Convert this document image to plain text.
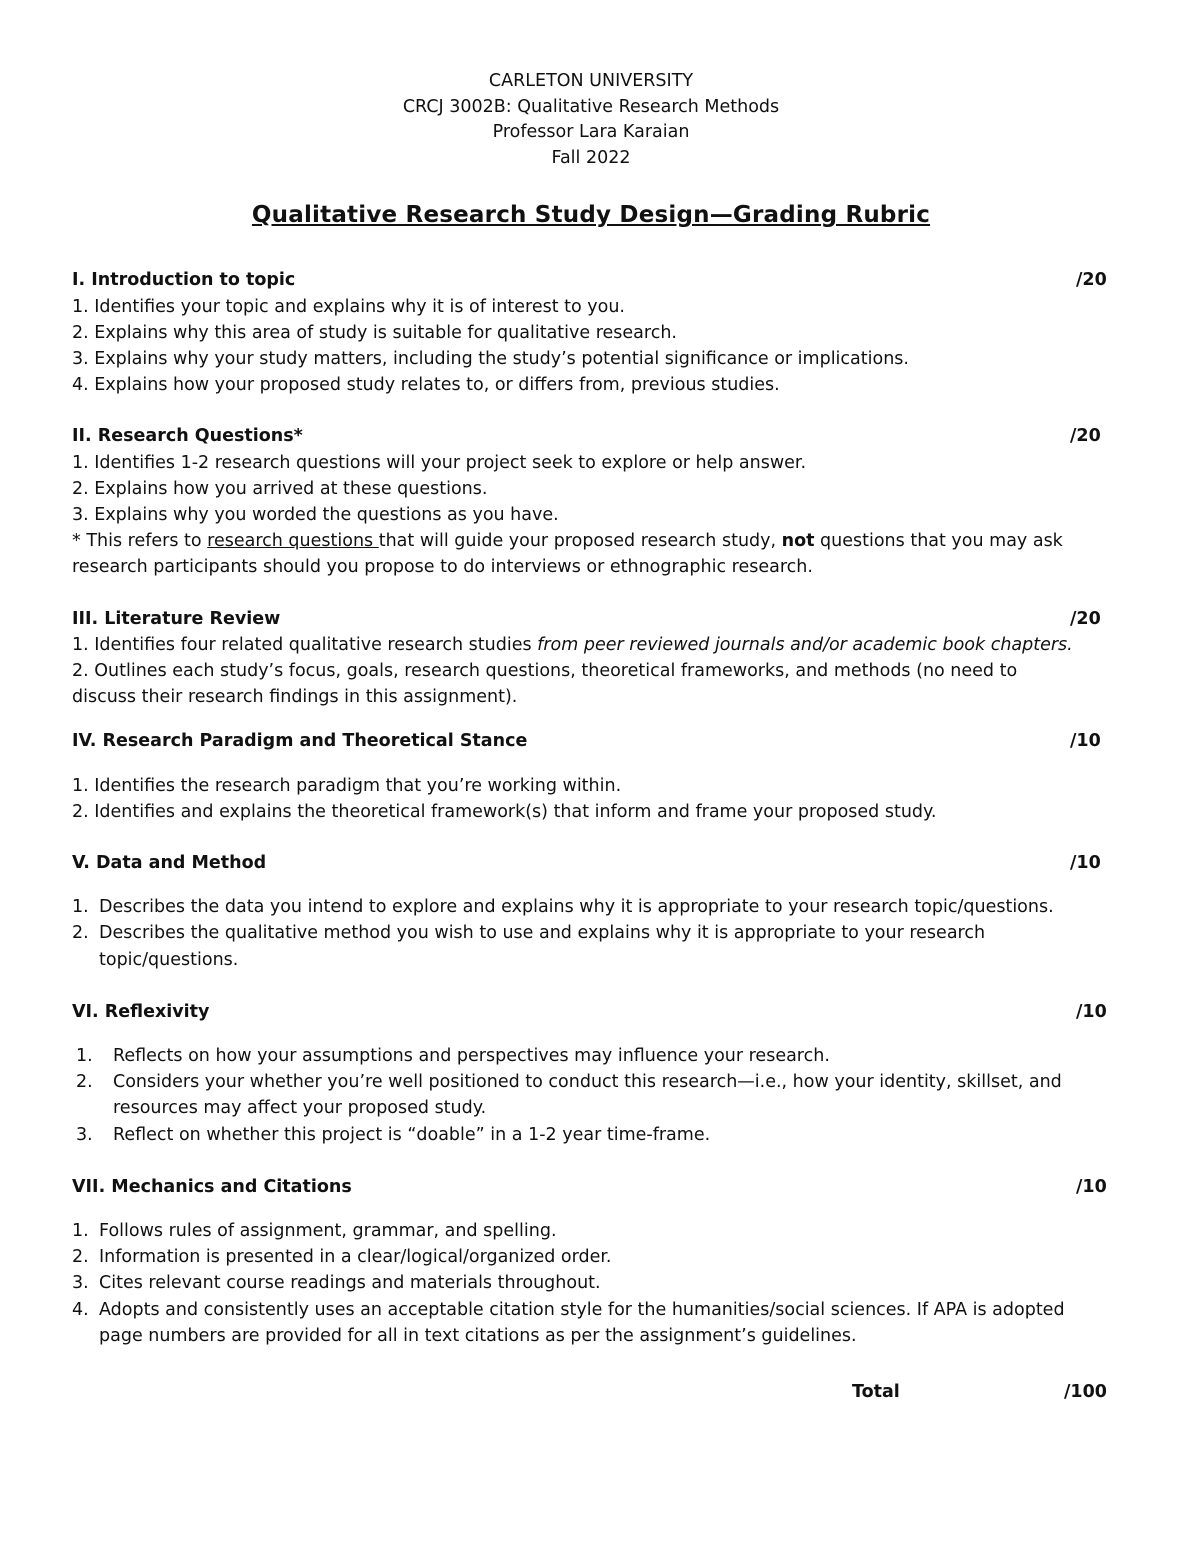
CARLETON UNIVERSITY
CRCJ 3002B: Qualitative Research Methods
Professor Lara Karaian
Fall 2022
Qualitative Research Study Design—Grading Rubric
I. Introduction to topic	/20
1. Identifies your topic and explains why it is of interest to you.
2. Explains why this area of study is suitable for qualitative research.
3. Explains why your study matters, including the study’s potential significance or implications.
4. Explains how your proposed study relates to, or differs from, previous studies.
II. Research Questions*	/20
1. Identifies 1-2 research questions will your project seek to explore or help answer.
2. Explains how you arrived at these questions.
3. Explains why you worded the questions as you have.
* This refers to research questions that will guide your proposed research study, not questions that you may ask
research participants should you propose to do interviews or ethnographic research.
III. Literature Review	/20
1. Identifies four related qualitative research studies from peer reviewed journals and/or academic book chapters.
2. Outlines each study’s focus, goals, research questions, theoretical frameworks, and methods (no need to
discuss their research findings in this assignment).
IV. Research Paradigm and Theoretical Stance	/10
1. Identifies the research paradigm that you’re working within.
2. Identifies and explains the theoretical framework(s) that inform and frame your proposed study.
V. Data and Method	/10
1. Describes the data you intend to explore and explains why it is appropriate to your research topic/questions.
2. Describes the qualitative method you wish to use and explains why it is appropriate to your research topic/questions.
VI. Reflexivity	/10
1. Reflects on how your assumptions and perspectives may influence your research.
2. Considers your whether you’re well positioned to conduct this research—i.e., how your identity, skillset, and resources may affect your proposed study.
3. Reflect on whether this project is “doable” in a 1-2 year time-frame.
VII. Mechanics and Citations	/10
1. Follows rules of assignment, grammar, and spelling.
2. Information is presented in a clear/logical/organized order.
3. Cites relevant course readings and materials throughout.
4. Adopts and consistently uses an acceptable citation style for the humanities/social sciences. If APA is adopted page numbers are provided for all in text citations as per the assignment’s guidelines.
Total	/100
